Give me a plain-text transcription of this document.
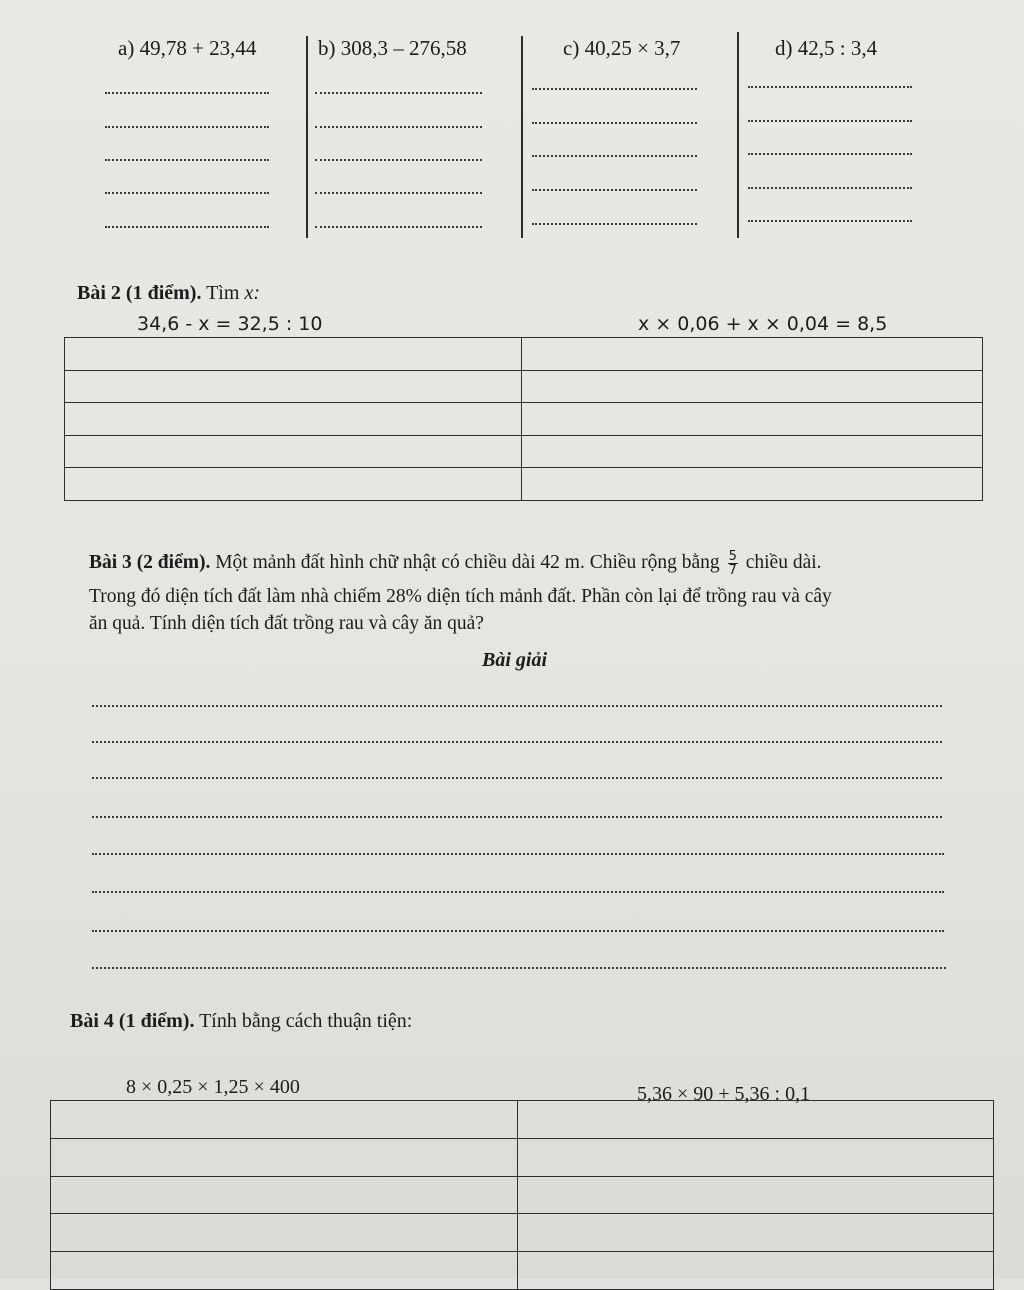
a) 49,78 + 23,44	b) 308,3 – 276,58	c) 40,25 × 3,7	d) 42,5 : 3,4
Bài 2 (1 điểm). Tìm x:
34,6 - x = 32,5 : 10	x × 0,06 + x × 0,04 = 8,5

Bài 3 (2 điểm). Một mảnh đất hình chữ nhật có chiều dài 42 m. Chiều rộng bằng $\frac{5}{7}$ chiều dài.
Trong đó diện tích đất làm nhà chiếm 28% diện tích mảnh đất. Phần còn lại để trồng rau và cây
ăn quả. Tính diện tích đất trồng rau và cây ăn quả?
Bài giải
Bài 4 (1 điểm). Tính bằng cách thuận tiện:
8 × 0,25 × 1,25 × 400	5,36 × 90 + 5,36 : 0,1
